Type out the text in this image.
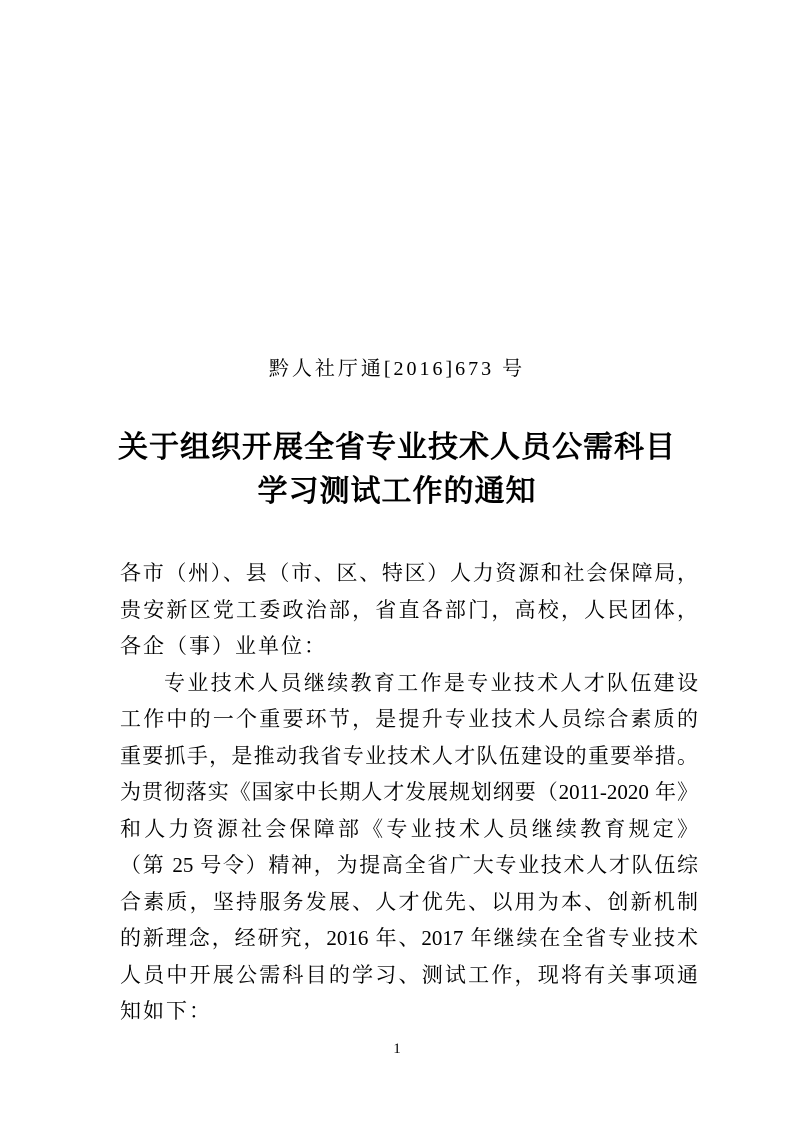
黔人社厅通[2016]673 号
关于组织开展全省专业技术人员公需科目
学习测试工作的通知
各市（州）、县（市、区、特区）人力资源和社会保障局，
贵安新区党工委政治部，省直各部门，高校，人民团体，
各企（事）业单位：
专业技术人员继续教育工作是专业技术人才队伍建设
工作中的一个重要环节，是提升专业技术人员综合素质的
重要抓手，是推动我省专业技术人才队伍建设的重要举措。
为贯彻落实《国家中长期人才发展规划纲要（2011-2020 年》
和人力资源社会保障部《专业技术人员继续教育规定》
（第 25 号令）精神，为提高全省广大专业技术人才队伍综
合素质，坚持服务发展、人才优先、以用为本、创新机制
的新理念，经研究，2016 年、2017 年继续在全省专业技术
人员中开展公需科目的学习、测试工作，现将有关事项通
知如下：
1
